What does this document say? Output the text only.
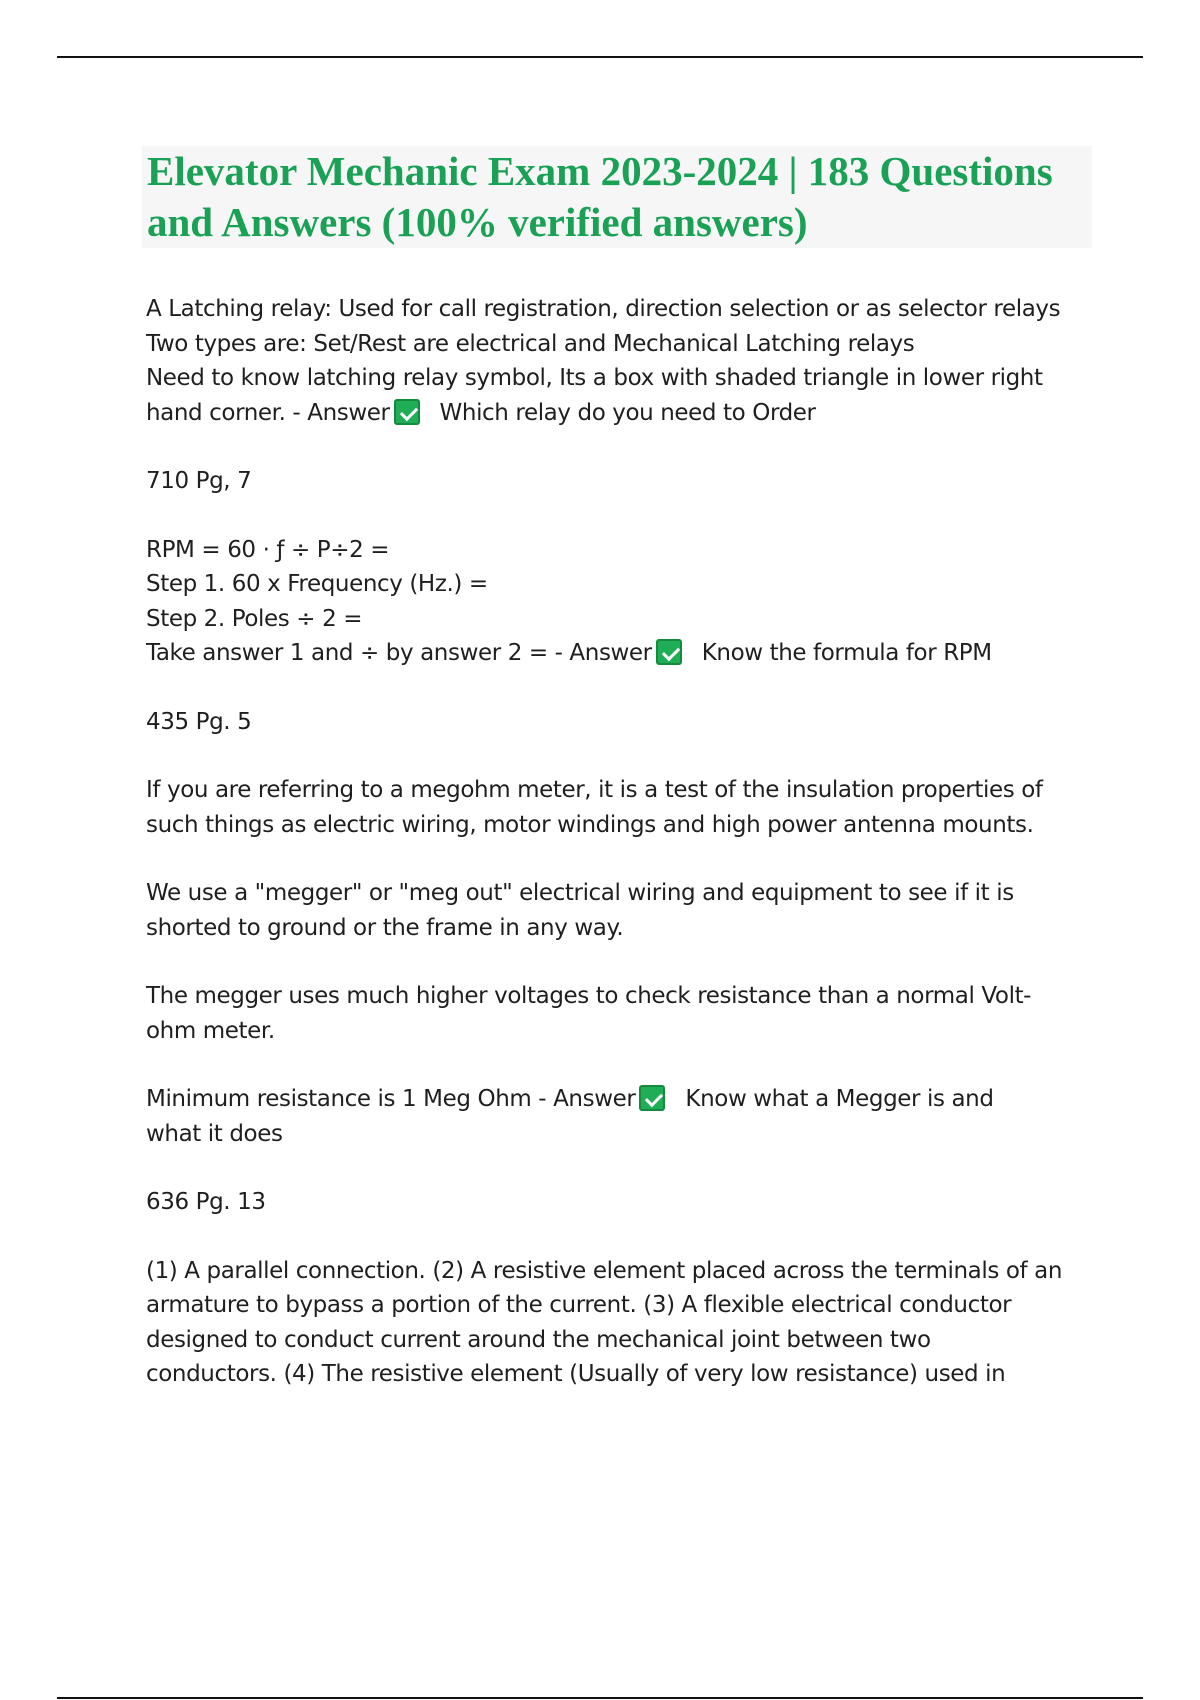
Elevator Mechanic Exam 2023-2024 | 183 Questions and Answers (100% verified answers)
A Latching relay: Used for call registration, direction selection or as selector relays
Two types are: Set/Rest are electrical and Mechanical Latching relays
Need to know latching relay symbol, Its a box with shaded triangle in lower right
hand corner. - Answer Which relay do you need to Order
710 Pg, 7
RPM = 60 · ƒ ÷ P÷2 =
Step 1. 60 x Frequency (Hz.) =
Step 2. Poles ÷ 2 =
Take answer 1 and ÷ by answer 2 = - Answer Know the formula for RPM
435 Pg. 5
If you are referring to a megohm meter, it is a test of the insulation properties of
such things as electric wiring, motor windings and high power antenna mounts.
We use a "megger" or "meg out" electrical wiring and equipment to see if it is
shorted to ground or the frame in any way.
The megger uses much higher voltages to check resistance than a normal Volt-
ohm meter.
Minimum resistance is 1 Meg Ohm - Answer Know what a Megger is and
what it does
636 Pg. 13
(1) A parallel connection. (2) A resistive element placed across the terminals of an
armature to bypass a portion of the current. (3) A flexible electrical conductor
designed to conduct current around the mechanical joint between two
conductors. (4) The resistive element (Usually of very low resistance) used in
